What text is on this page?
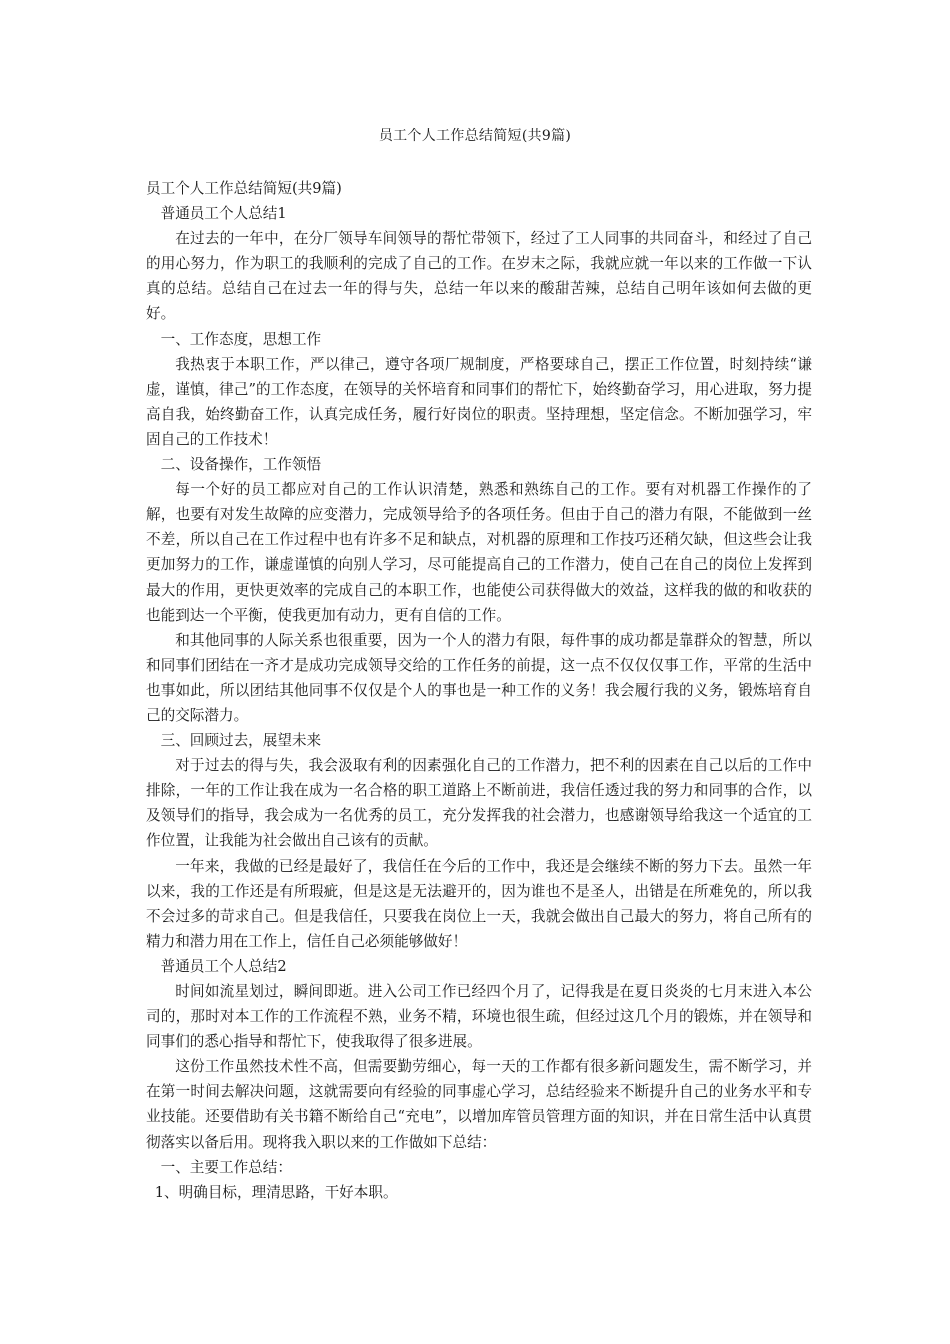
员工个人工作总结简短(共9篇)

员工个人工作总结简短(共9篇)

普通员工个人总结1

在过去的一年中，在分厂领导车间领导的帮忙带领下，经过了工人同事的共同奋斗，和经过了自己的用心努力，作为职工的我顺利的完成了自己的工作。在岁末之际，我就应就一年以来的工作做一下认真的总结。总结自己在过去一年的得与失，总结一年以来的酸甜苦辣，总结自己明年该如何去做的更好。

一、工作态度，思想工作

我热衷于本职工作，严以律己，遵守各项厂规制度，严格要球自己，摆正工作位置，时刻持续“谦虚，谨慎，律己”的工作态度，在领导的关怀培育和同事们的帮忙下，始终勤奋学习，用心进取，努力提高自我，始终勤奋工作，认真完成任务，履行好岗位的职责。坚持理想，坚定信念。不断加强学习，牢固自己的工作技术！

二、设备操作，工作领悟

每一个好的员工都应对自己的工作认识清楚，熟悉和熟练自己的工作。要有对机器工作操作的了解，也要有对发生故障的应变潜力，完成领导给予的各项任务。但由于自己的潜力有限，不能做到一丝不差，所以自己在工作过程中也有许多不足和缺点，对机器的原理和工作技巧还稍欠缺，但这些会让我更加努力的工作，谦虚谨慎的向别人学习，尽可能提高自己的工作潜力，使自己在自己的岗位上发挥到最大的作用，更快更效率的完成自己的本职工作，也能使公司获得做大的效益，这样我的做的和收获的也能到达一个平衡，使我更加有动力，更有自信的工作。

和其他同事的人际关系也很重要，因为一个人的潜力有限，每件事的成功都是靠群众的智慧，所以和同事们团结在一齐才是成功完成领导交给的工作任务的前提，这一点不仅仅仅事工作，平常的生活中也事如此，所以团结其他同事不仅仅是个人的事也是一种工作的义务！我会履行我的义务，锻炼培育自己的交际潜力。

三、回顾过去，展望未来

对于过去的得与失，我会汲取有利的因素强化自己的工作潜力，把不利的因素在自己以后的工作中排除，一年的工作让我在成为一名合格的职工道路上不断前进，我信任透过我的努力和同事的合作，以及领导们的指导，我会成为一名优秀的员工，充分发挥我的社会潜力，也感谢领导给我这一个适宜的工作位置，让我能为社会做出自己该有的贡献。

一年来，我做的已经是最好了，我信任在今后的工作中，我还是会继续不断的努力下去。虽然一年以来，我的工作还是有所瑕疵，但是这是无法避开的，因为谁也不是圣人，出错是在所难免的，所以我不会过多的苛求自己。但是我信任，只要我在岗位上一天，我就会做出自己最大的努力，将自己所有的精力和潜力用在工作上，信任自己必须能够做好！

普通员工个人总结2

时间如流星划过，瞬间即逝。进入公司工作已经四个月了，记得我是在夏日炎炎的七月末进入本公司的，那时对本工作的工作流程不熟，业务不精，环境也很生疏，但经过这几个月的锻炼，并在领导和同事们的悉心指导和帮忙下，使我取得了很多进展。

这份工作虽然技术性不高，但需要勤劳细心，每一天的工作都有很多新问题发生，需不断学习，并在第一时间去解决问题，这就需要向有经验的同事虚心学习，总结经验来不断提升自己的业务水平和专业技能。还要借助有关书籍不断给自己“充电”，以增加库管员管理方面的知识，并在日常生活中认真贯彻落实以备后用。现将我入职以来的工作做如下总结：

一、主要工作总结：

1、明确目标，理清思路，干好本职。
